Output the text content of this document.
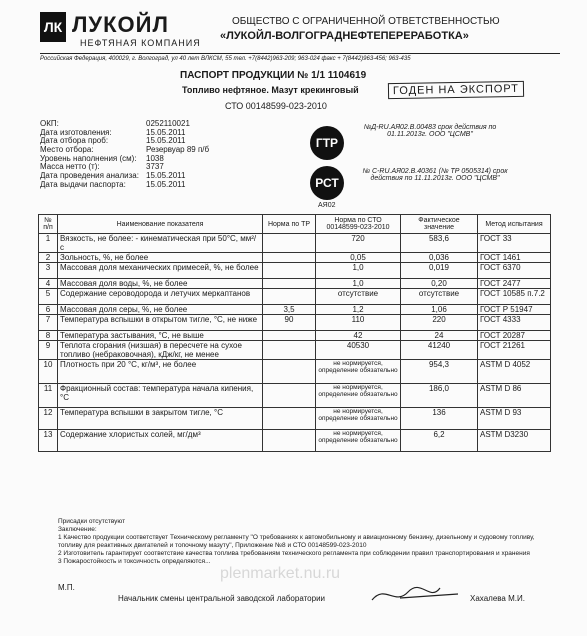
ЛК ЛУКОЙЛ
НЕФТЯНАЯ КОМПАНИЯ
ОБЩЕСТВО С ОГРАНИЧЕННОЙ ОТВЕТСТВЕННОСТЬЮ
«ЛУКОЙЛ-ВОЛГОГРАДНЕФТЕПЕРЕРАБОТКА»
Российская Федерация, 400029, г. Волгоград, ул 40 лет ВЛКСМ, 55 тел. +7(8442)963-209; 963-024 факс + 7(8442)963-456; 963-435
ПАСПОРТ ПРОДУКЦИИ № 1/1 1104619
Топливо нефтяное. Мазут крекинговый
СТО 00148599-023-2010
ГОДЕН НА ЭКСПОРТ
ОКП:	0252110021
Дата изготовления:	15.05.2011
Дата отбора проб:	15.05.2011
Место отбора:	Резервуар 89 п/б
Уровень наполнения (см):	1038
Масса нетто (т):	3737
Дата проведения анализа: 15.05.2011
Дата выдачи паспорта:	15.05.2011
ГТР
№Д-RU.АЯ02.В.00483 срок действия по 01.11.2013г. ООО "ЦСМВ"
РСТ
АЯ02
№ С-RU.АЯ02.В.40361 (№ ТР 0505314) срок действия по 11.11.2013г. ООО "ЦСМВ"
№ п/п	Наименование показателя	Норма по ТР	Норма по СТО 00148599-023-2010	Фактическое значение	Метод испытания
1	Вязкость, не более: - кинематическая при 50°С, мм²/с		720	583,6	ГОСТ 33
2	Зольность, %, не более		0,05	0,036	ГОСТ 1461
3	Массовая доля механических примесей, %, не более		1,0	0,019	ГОСТ 6370
4	Массовая доля воды, %, не более		1,0	0,20	ГОСТ 2477
5	Содержание сероводорода и летучих меркаптанов		отсутствие	отсутствие	ГОСТ 10585 п.7.2
6	Массовая доля серы, %, не более	3,5	1,2	1,06	ГОСТ Р 51947
7	Температура вспышки в открытом тигле, °С, не ниже	90	110	220	ГОСТ 4333
8	Температура застывания, °С, не выше		42	24	ГОСТ 20287
9	Теплота сгорания (низшая) в пересчете на сухое топливо (небраковочная), кДж/кг, не менее		40530	41240	ГОСТ 21261
10	Плотность при 20 °С, кг/м³, не более		не нормируется, определение обязательно	954,3	ASTM D 4052
11	Фракционный состав: температура начала кипения, °С		не нормируется, определение обязательно	186,0	ASTM D 86
12	Температура вспышки в закрытом тигле, °С		не нормируется, определение обязательно	136	ASTM D 93
13	Содержание хлористых солей, мг/дм³		не нормируется, определение обязательно	6,2	ASTM D3230
Присадки отсутствуют
Заключение:
1 Качество продукции соответствует Техническому регламенту "О требованиях к автомобильному и авиационному бензину, дизельному и судовому топливу, топливу для реактивных двигателей и топочному мазуту", Приложение №8 и СТО 00148599-023-2010
2 Изготовитель гарантирует соответствие качества топлива требованиям технического регламента при соблюдении правил транспортирования и хранения
3 Пожаростойкость и токсичность определяются...
plenmarket.nu.ru
М.П.
Начальник смены центральной заводской лаборатории	Хахалева М.И.
